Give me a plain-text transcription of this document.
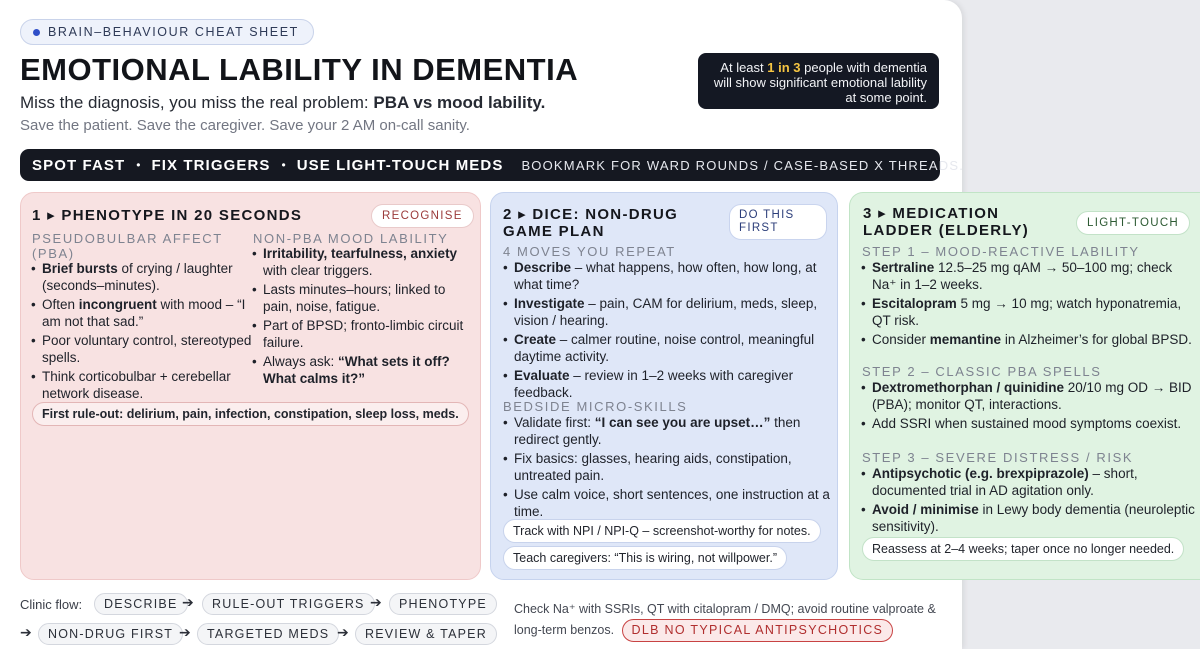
BRAIN–BEHAVIOUR CHEAT SHEET
EMOTIONAL LABILITY IN DEMENTIA
Miss the diagnosis, you miss the real problem: PBA vs mood lability.
Save the patient. Save the caregiver. Save your 2 AM on-call sanity.
At least 1 in 3 people with dementia will show significant emotional lability at some point.
SPOT FAST • FIX TRIGGERS • USE LIGHT-TOUCH MEDS BOOKMARK FOR WARD ROUNDS / CASE-BASED X THREADS.
1 ▸ PHENOTYPE IN 20 SECONDS	RECOGNISE
PSEUDOBULBAR AFFECT
(PBA)
• Brief bursts of crying / laughter (seconds–minutes).
• Often incongruent with mood – “I am not that sad.”
• Poor voluntary control, stereotyped spells.
• Think corticobulbar + cerebellar network disease.
NON-PBA MOOD LABILITY
• Irritability, tearfulness, anxiety with clear triggers.
• Lasts minutes–hours; linked to pain, noise, fatigue.
• Part of BPSD; fronto-limbic circuit failure.
• Always ask: “What sets it off? What calms it?”
First rule-out: delirium, pain, infection, constipation, sleep loss, meds.
2 ▸ DICE: NON-DRUG
GAME PLAN
DO THIS
FIRST
4 MOVES YOU REPEAT
• Describe – what happens, how often, how long, at what time?
• Investigate – pain, CAM for delirium, meds, sleep, vision / hearing.
• Create – calmer routine, noise control, meaningful daytime activity.
• Evaluate – review in 1–2 weeks with caregiver feedback.
BEDSIDE MICRO-SKILLS
• Validate first: “I can see you are upset…” then redirect gently.
• Fix basics: glasses, hearing aids, constipation, untreated pain.
• Use calm voice, short sentences, one instruction at a time.
Track with NPI / NPI-Q – screenshot-worthy for notes.
Teach caregivers: “This is wiring, not willpower.”
3 ▸ MEDICATION
LADDER (ELDERLY)	LIGHT-TOUCH
STEP 1 – MOOD-REACTIVE LABILITY
• Sertraline 12.5–25 mg qAM → 50–100 mg; check Na⁺ in 1–2 weeks.
• Escitalopram 5 mg → 10 mg; watch hyponatremia, QT risk.
• Consider memantine in Alzheimer’s for global BPSD.
STEP 2 – CLASSIC PBA SPELLS
• Dextromethorphan / quinidine 20/10 mg OD → BID (PBA); monitor QT, interactions.
• Add SSRI when sustained mood symptoms coexist.
STEP 3 – SEVERE DISTRESS / RISK
• Antipsychotic (e.g. brexpiprazole) – short, documented trial in AD agitation only.
• Avoid / minimise in Lewy body dementia (neuroleptic sensitivity).
Reassess at 2–4 weeks; taper once no longer needed.
Clinic flow:	DESCRIBE ➔	RULE-OUT TRIGGERS ➔	PHENOTYPE
➔	NON-DRUG FIRST ➔	TARGETED MEDS ➔	REVIEW & TAPER
Check Na⁺ with SSRIs, QT with citalopram / DMQ; avoid routine valproate & long-term benzos. DLB NO TYPICAL ANTIPSYCHOTICS
